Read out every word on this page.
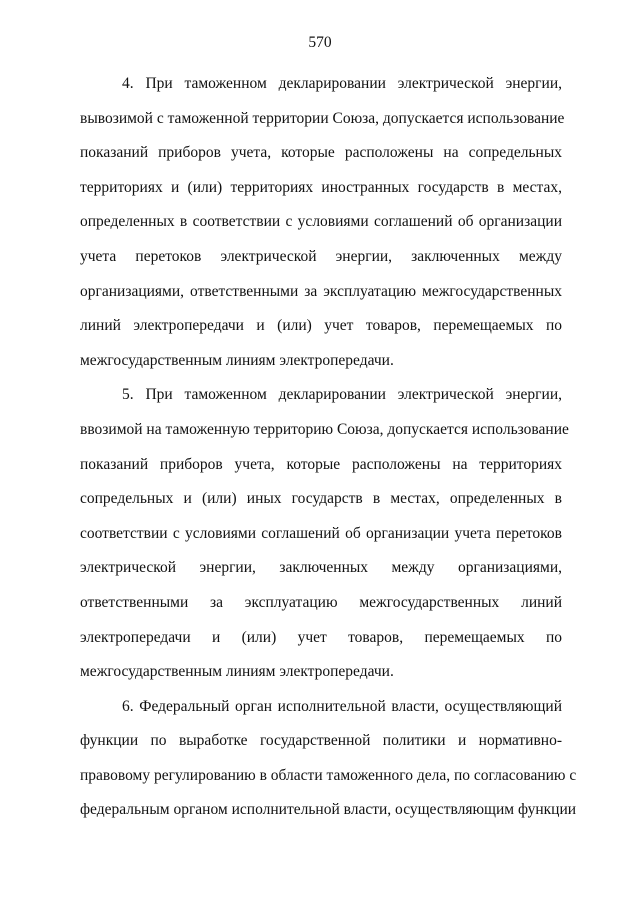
570
4. При таможенном декларировании электрической энергии,
вывозимой с таможенной территории Союза, допускается использование
показаний приборов учета, которые расположены на сопредельных
территориях и (или) территориях иностранных государств в местах,
определенных в соответствии с условиями соглашений об организации
учета перетоков электрической энергии, заключенных между
организациями, ответственными за эксплуатацию межгосударственных
линий электропередачи и (или) учет товаров, перемещаемых по
межгосударственным линиям электропередачи.
5. При таможенном декларировании электрической энергии,
ввозимой на таможенную территорию Союза, допускается использование
показаний приборов учета, которые расположены на территориях
сопредельных и (или) иных государств в местах, определенных в
соответствии с условиями соглашений об организации учета перетоков
электрической энергии, заключенных между организациями,
ответственными за эксплуатацию межгосударственных линий
электропередачи и (или) учет товаров, перемещаемых по
межгосударственным линиям электропередачи.
6. Федеральный орган исполнительной власти, осуществляющий
функции по выработке государственной политики и нормативно-
правовому регулированию в области таможенного дела, по согласованию с
федеральным органом исполнительной власти, осуществляющим функции
